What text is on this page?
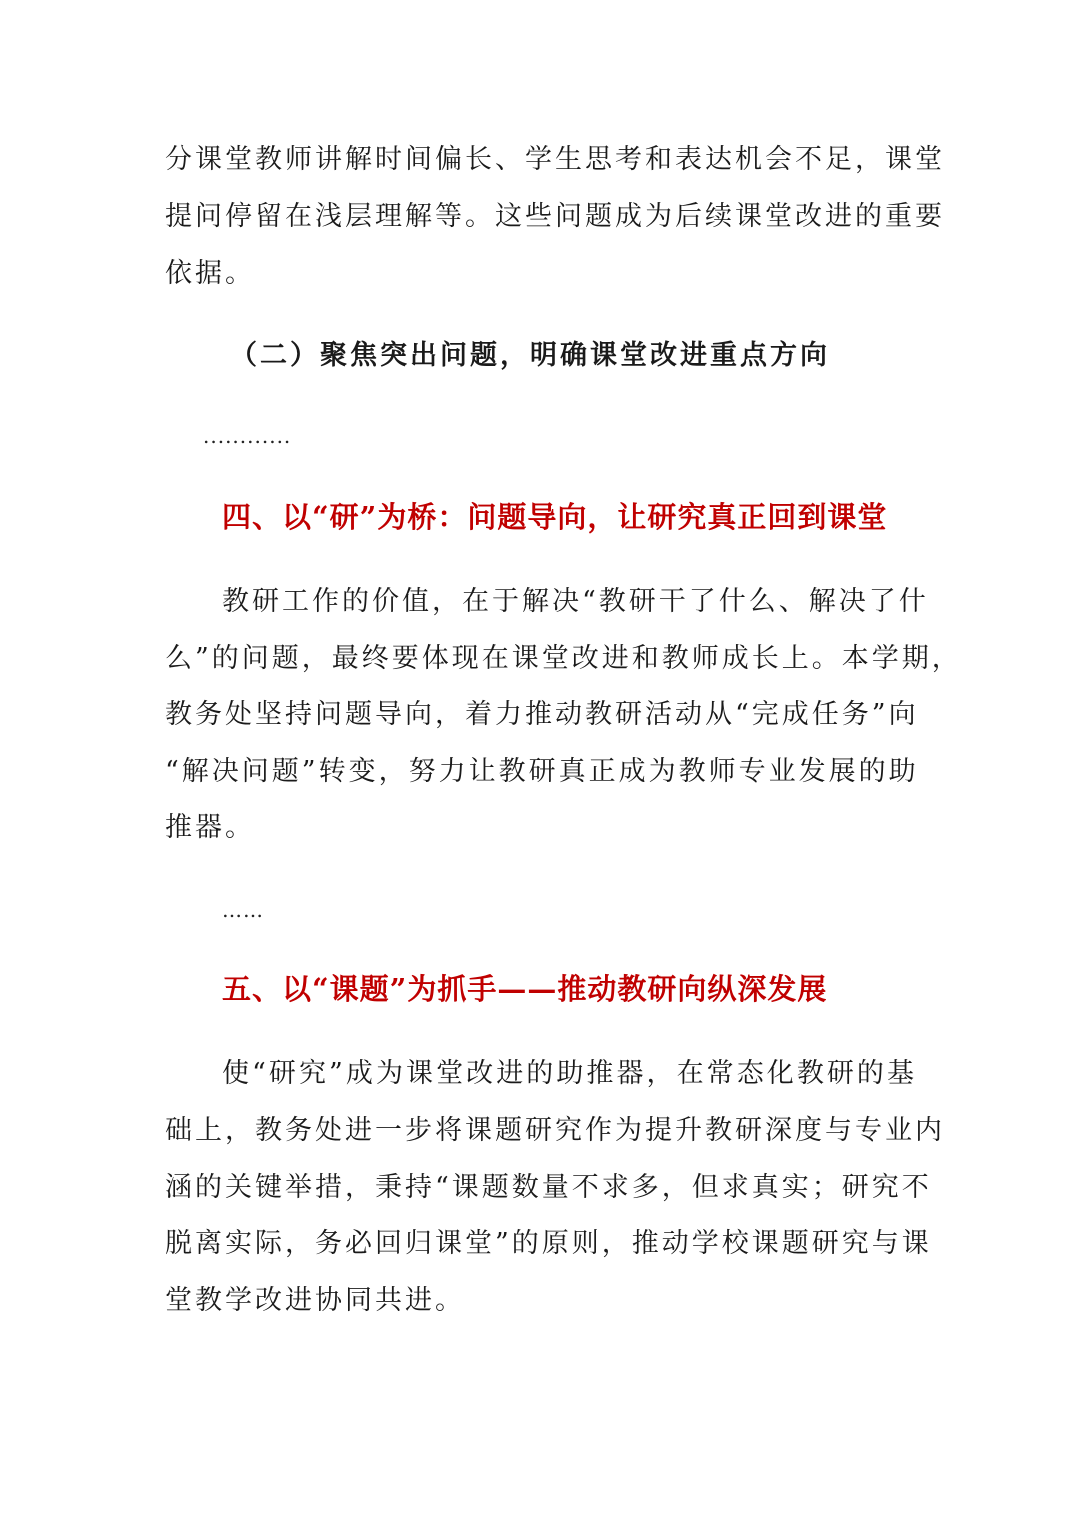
分课堂教师讲解时间偏长、学生思考和表达机会不足，课堂
提问停留在浅层理解等。这些问题成为后续课堂改进的重要
依据。
（二）聚焦突出问题，明确课堂改进重点方向
............
四、以“研”为桥：问题导向，让研究真正回到课堂
教研工作的价值，在于解决“教研干了什么、解决了什
么”的问题，最终要体现在课堂改进和教师成长上。本学期，
教务处坚持问题导向，着力推动教研活动从“完成任务”向
“解决问题”转变，努力让教研真正成为教师专业发展的助
推器。
……
五、以“课题”为抓手——推动教研向纵深发展
使“研究”成为课堂改进的助推器，在常态化教研的基
础上，教务处进一步将课题研究作为提升教研深度与专业内
涵的关键举措，秉持“课题数量不求多，但求真实；研究不
脱离实际，务必回归课堂”的原则，推动学校课题研究与课
堂教学改进协同共进。
